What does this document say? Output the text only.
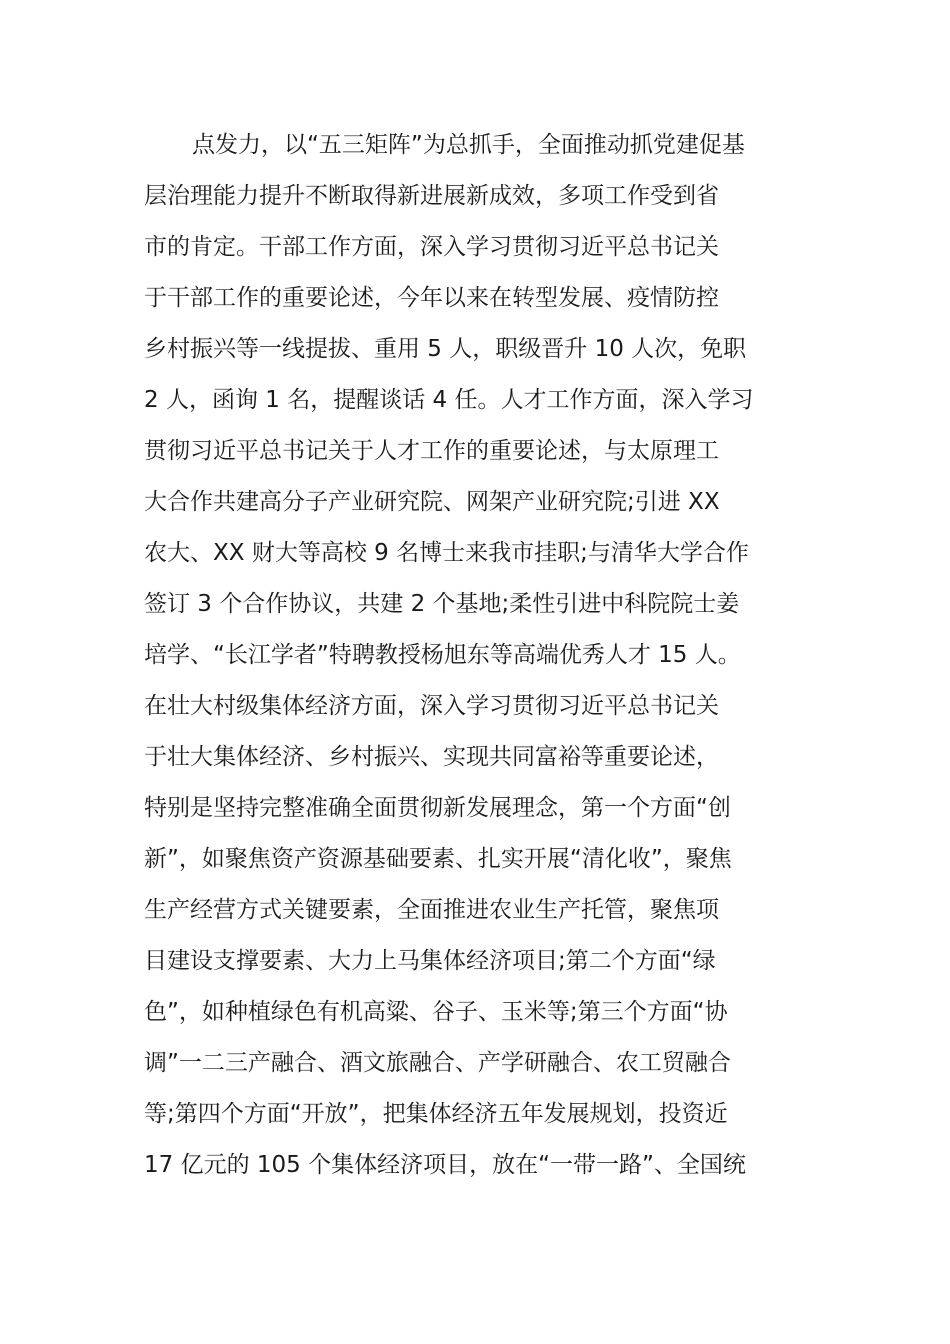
点发力，以“五三矩阵”为总抓手，全面推动抓党建促基
层治理能力提升不断取得新进展新成效，多项工作受到省
市的肯定。干部工作方面，深入学习贯彻习近平总书记关
于干部工作的重要论述，今年以来在转型发展、疫情防控
乡村振兴等一线提拔、重用 5 人，职级晋升 10 人次，免职
2 人，函询 1 名，提醒谈话 4 任。人才工作方面，深入学习
贯彻习近平总书记关于人才工作的重要论述，与太原理工
大合作共建高分子产业研究院、网架产业研究院;引进 XX
农大、XX 财大等高校 9 名博士来我市挂职;与清华大学合作
签订 3 个合作协议，共建 2 个基地;柔性引进中科院院士姜
培学、“长江学者”特聘教授杨旭东等高端优秀人才 15 人。
在壮大村级集体经济方面，深入学习贯彻习近平总书记关
于壮大集体经济、乡村振兴、实现共同富裕等重要论述，
特别是坚持完整准确全面贯彻新发展理念，第一个方面“创
新”，如聚焦资产资源基础要素、扎实开展“清化收”，聚焦
生产经营方式关键要素，全面推进农业生产托管，聚焦项
目建设支撑要素、大力上马集体经济项目;第二个方面“绿
色”，如种植绿色有机高粱、谷子、玉米等;第三个方面“协
调”一二三产融合、酒文旅融合、产学研融合、农工贸融合
等;第四个方面“开放”，把集体经济五年发展规划，投资近
17 亿元的 105 个集体经济项目，放在“一带一路”、全国统
